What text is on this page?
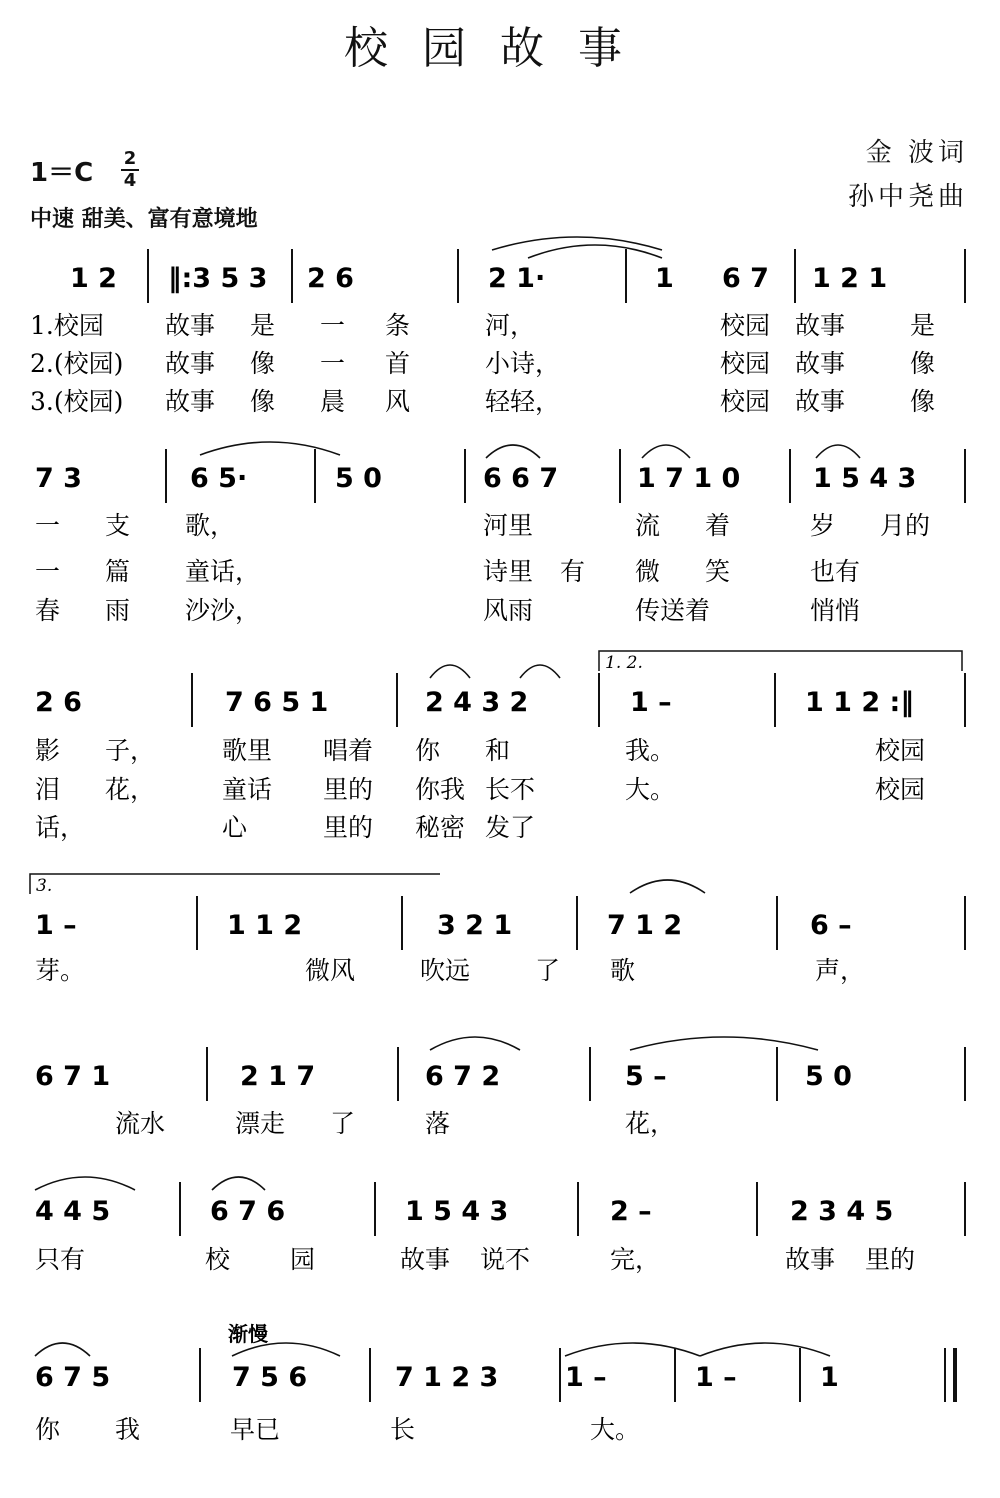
校园故事
金 波词
孙中尧曲
1＝C 2
4
中速 甜美、富有意境地
1 2 ‖:3 5 3 2 6	2 1·	1 6 7 1 2 1
1.校园 故事 是 一 条	河，	校园 故事	是
2.(校园) 故事 像 一 首	小诗，	校园 故事	像
3.(校园) 故事 像 晨 风	轻轻，	校园 故事	像
7 3	6 5·	5 0	6 6 7	1 7 1 0	1 5 4 3
一 支 歌，	河里	流 着	岁 月的
一 篇 童话，	诗里 有 微 笑	也有
春 雨 沙沙，	风雨	传送着	悄悄
2 6	7 6 5 1	2 4 3 2	1 –	1 1 2 :‖
影 子，	歌里 唱着 你 和	我。	校园
泪 花，	童话 里的 你我 长不	大。	校园
话，	心	里的 秘密 发了
1. 2.
1 –	1 1 2	3 2 1	7 1 2	6 –
芽。	微风	吹远	了 歌	声，
3.
6 7 1	2 1 7	6 7 2	5 –	5 0
流水	漂走 了	落	花，
4 4 5	6 7 6	1 5 4 3	2 –	2 3 4 5
只有	校 园	故事 说不	完，	故事 里的
6 7 5	7 5 6	7 1 2 3 1 –	1 –	1
你 我	早已	长	大。
渐慢
